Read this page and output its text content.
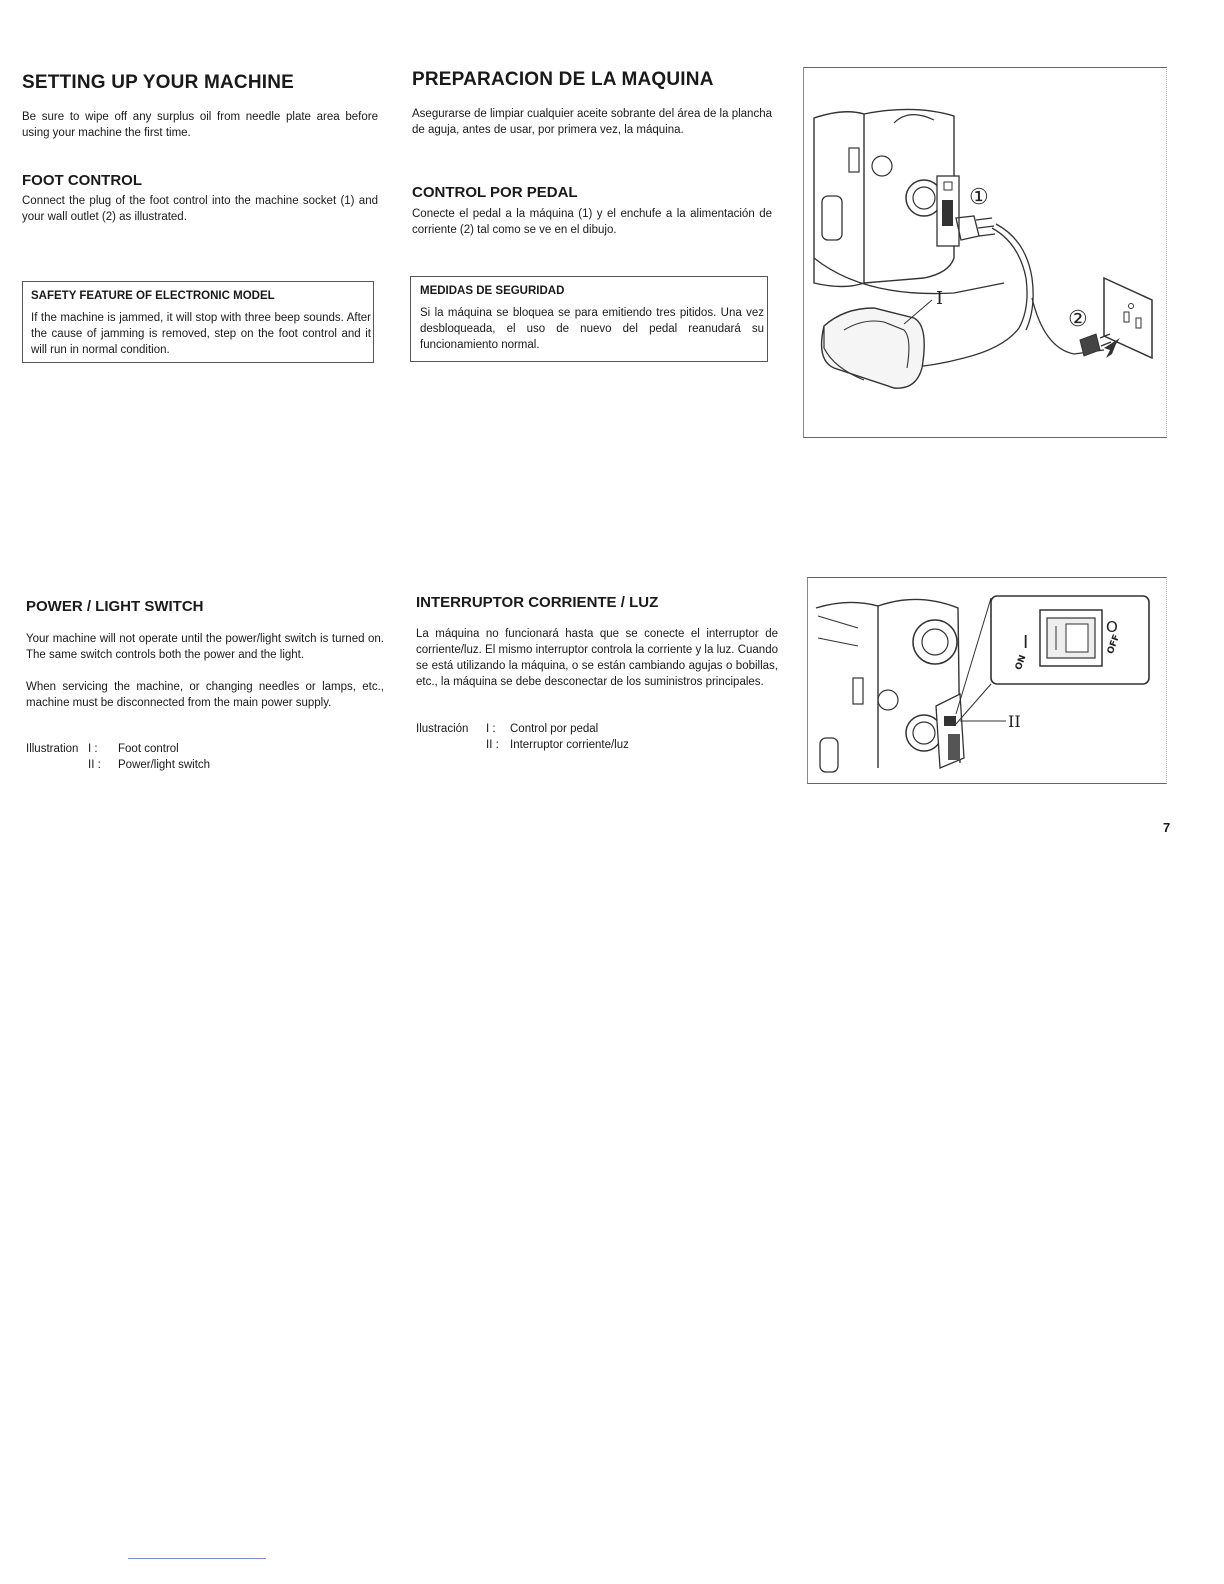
SETTING UP YOUR MACHINE
Be sure to wipe off any surplus oil from needle plate area before using your machine the first time.
FOOT CONTROL
Connect the plug of the foot control into the machine socket (1) and your wall outlet (2) as illustrated.
SAFETY FEATURE OF ELECTRONIC MODEL
If the machine is jammed, it will stop with three beep sounds. After the cause of jamming is removed, step on the foot control and it will run in normal condition.
PREPARACION DE LA MAQUINA
Asegurarse de limpiar cualquier aceite sobrante del área de la plancha de aguja, antes de usar, por primera vez, la máquina.
CONTROL POR PEDAL
Conecte el pedal a la máquina (1) y el enchufe a la alimentación de corriente (2) tal como se ve en el dibujo.
MEDIDAS DE SEGURIDAD
Si la máquina se bloquea se para emitiendo tres pitidos. Una vez desbloqueada, el uso de nuevo del pedal reanudará su funcionamiento normal.
①
I
②
POWER / LIGHT SWITCH
Your machine will not operate until the power/light switch is turned on. The same switch controls both the power and the light.
When servicing the machine, or changing needles or lamps, etc., machine must be disconnected from the main power supply.
Illustration I :	Foot control
II :	Power/light switch
INTERRUPTOR CORRIENTE / LUZ
La máquina no funcionará hasta que se conecte el interruptor de corriente/luz. El mismo interruptor controla la corriente y la luz. Cuando se está utilizando la máquina, o se están cambiando agujas o bobillas, etc., la máquina se debe desconectar de los suministros principales.
Ilustración	I :	Control por pedal
II : Interruptor corriente/luz
II
I
O
ON
OFF
7
